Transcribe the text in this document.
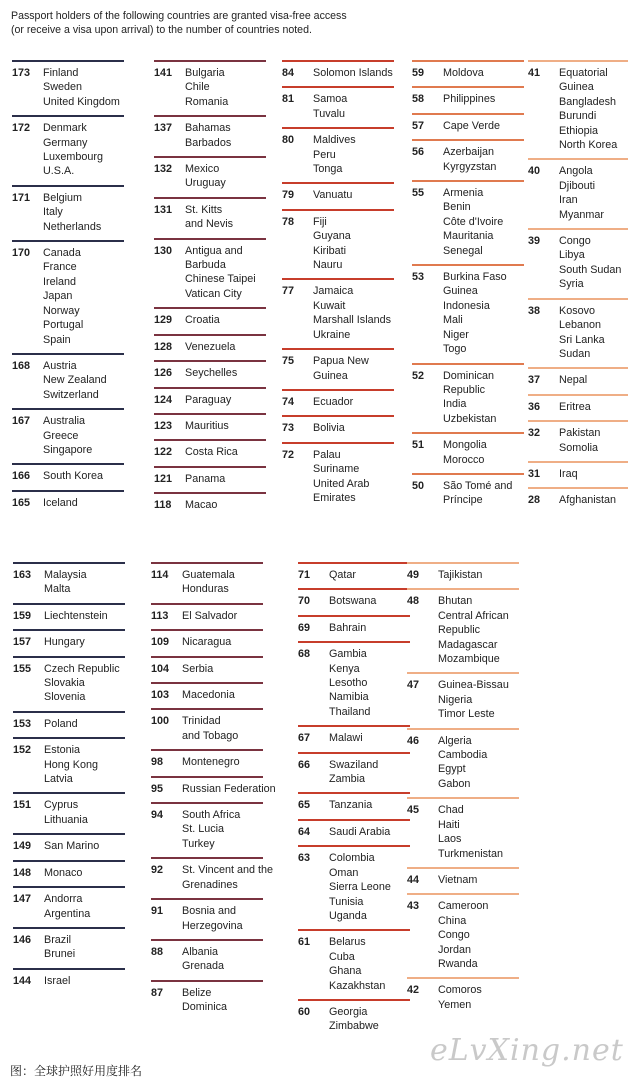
Passport holders of the following countries are granted visa-free access
(or receive a visa upon arrival) to the number of countries noted.
173	Finland
Sweden
United Kingdom
172	Denmark
Germany
Luxembourg
U.S.A.
171	Belgium
Italy
Netherlands
170	Canada
France
Ireland
Japan
Norway
Portugal
Spain
168	Austria
New Zealand
Switzerland
167	Australia
Greece
Singapore
166	South Korea
165	Iceland
141	Bulgaria
Chile
Romania
137	Bahamas
Barbados
132	Mexico
Uruguay
131	St. Kitts
and Nevis
130	Antigua and
Barbuda
Chinese Taipei
Vatican City
129	Croatia
128	Venezuela
126	Seychelles
124	Paraguay
123	Mauritius
122	Costa Rica
121	Panama
118	Macao
84	Solomon Islands
81	Samoa
Tuvalu
80	Maldives
Peru
Tonga
79	Vanuatu
78	Fiji
Guyana
Kiribati
Nauru
77	Jamaica
Kuwait
Marshall Islands
Ukraine
75	Papua New
Guinea
74	Ecuador
73	Bolivia
72	Palau
Suriname
United Arab
Emirates
59	Moldova
58	Philippines
57	Cape Verde
56	Azerbaijan
Kyrgyzstan
55	Armenia
Benin
Côte d'Ivoire
Mauritania
Senegal
53	Burkina Faso
Guinea
Indonesia
Mali
Niger
Togo
52	Dominican
Republic
India
Uzbekistan
51	Mongolia
Morocco
50	São Tomé and
Príncipe
41	Equatorial
Guinea
Bangladesh
Burundi
Ethiopia
North Korea
40	Angola
Djibouti
Iran
Myanmar
39	Congo
Libya
South Sudan
Syria
38	Kosovo
Lebanon
Sri Lanka
Sudan
37	Nepal
36	Eritrea
32	Pakistan
Somolia
31	Iraq
28	Afghanistan
163	Malaysia
Malta
159	Liechtenstein
157	Hungary
155	Czech Republic
Slovakia
Slovenia
153	Poland
152	Estonia
Hong Kong
Latvia
151	Cyprus
Lithuania
149	San Marino
148	Monaco
147	Andorra
Argentina
146	Brazil
Brunei
144	Israel
114	Guatemala
Honduras
113	El Salvador
109	Nicaragua
104	Serbia
103	Macedonia
100	Trinidad
and Tobago
98	Montenegro
95	Russian Federation
94	South Africa
St. Lucia
Turkey
92	St. Vincent and the
Grenadines
91	Bosnia and
Herzegovina
88	Albania
Grenada
87	Belize
Dominica
71	Qatar
70	Botswana
69	Bahrain
68	Gambia
Kenya
Lesotho
Namibia
Thailand
67	Malawi
66	Swaziland
Zambia
65	Tanzania
64	Saudi Arabia
63	Colombia
Oman
Sierra Leone
Tunisia
Uganda
61	Belarus
Cuba
Ghana
Kazakhstan
60	Georgia
Zimbabwe
49	Tajikistan
48	Bhutan
Central African
Republic
Madagascar
Mozambique
47	Guinea-Bissau
Nigeria
Timor Leste
46	Algeria
Cambodia
Egypt
Gabon
45	Chad
Haiti
Laos
Turkmenistan
44	Vietnam
43	Cameroon
China
Congo
Jordan
Rwanda
42	Comoros
Yemen
图：全球护照好用度排名
eLvXing.net
